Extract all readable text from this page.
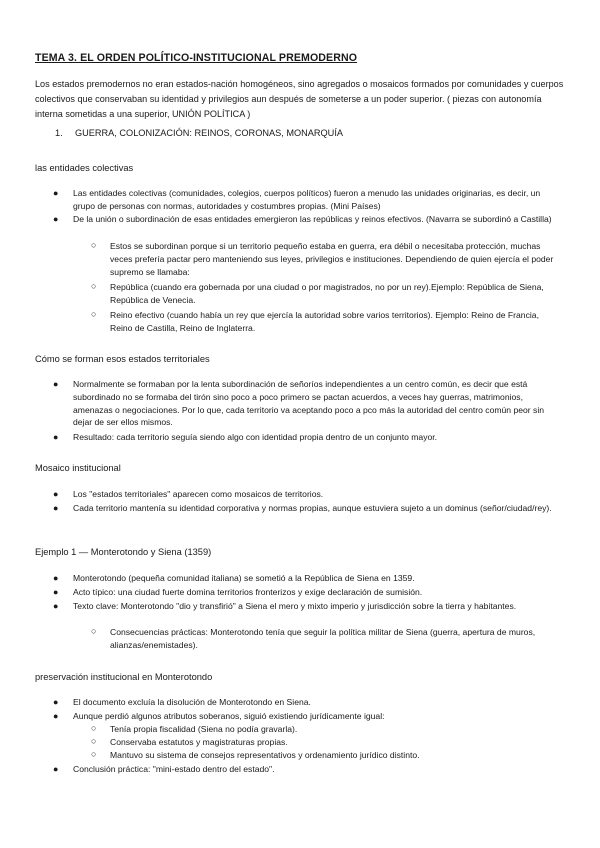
TEMA 3. EL ORDEN POLÍTICO-INSTITUCIONAL PREMODERNO
Los estados premodernos no eran estados-nación homogéneos, sino agregados o mosaicos formados por comunidades y cuerpos colectivos que conservaban su identidad y privilegios aun después de someterse a un poder superior. ( piezas con autonomía interna sometidas a una superior, UNIÓN POLÍTICA )
1. GUERRA, COLONIZACIÓN: REINOS, CORONAS, MONARQUÍA
las entidades colectivas
● Las entidades colectivas (comunidades, colegios, cuerpos políticos) fueron a menudo las unidades originarias, es decir, un grupo de personas con normas, autoridades y costumbres propias. (Mini Países)
● De la unión o subordinación de esas entidades emergieron las repúblicas y reinos efectivos. (Navarra se subordinó a Castilla)
○ Estos se subordinan porque si un territorio pequeño estaba en guerra, era débil o necesitaba protección, muchas veces prefería pactar pero manteniendo sus leyes, privilegios e instituciones. Dependiendo de quien ejercía el poder supremo se llamaba:
○ República (cuando era gobernada por una ciudad o por magistrados, no por un rey).Ejemplo: República de Siena, República de Venecia.
○ Reino efectivo (cuando había un rey que ejercía la autoridad sobre varios territorios). Ejemplo: Reino de Francia, Reino de Castilla, Reino de Inglaterra.
Cómo se forman esos estados territoriales
● Normalmente se formaban por la lenta subordinación de señoríos independientes a un centro común, es decir que está subordinado no se formaba del tirón sino poco a poco primero se pactan acuerdos, a veces hay guerras, matrimonios, amenazas o negociaciones. Por lo que, cada territorio va aceptando poco a pco más la autoridad del centro común peor sin dejar de ser ellos mismos.
● Resultado: cada territorio seguía siendo algo con identidad propia dentro de un conjunto mayor.
Mosaico institucional
● Los "estados territoriales" aparecen como mosaicos de territorios.
● Cada territorio mantenía su identidad corporativa y normas propias, aunque estuviera sujeto a un dominus (señor/ciudad/rey).
Ejemplo 1 — Monterotondo y Siena (1359)
● Monterotondo (pequeña comunidad italiana) se sometió a la República de Siena en 1359.
● Acto típico: una ciudad fuerte domina territorios fronterizos y exige declaración de sumisión.
● Texto clave: Monterotondo "dio y transfirió" a Siena el mero y mixto imperio y jurisdicción sobre la tierra y habitantes.
○ Consecuencias prácticas: Monterotondo tenía que seguir la política militar de Siena (guerra, apertura de muros, alianzas/enemistades).
preservación institucional en Monterotondo
● El documento excluía la disolución de Monterotondo en Siena.
● Aunque perdió algunos atributos soberanos, siguió existiendo jurídicamente igual:
○ Tenía propia fiscalidad (Siena no podía gravarla).
○ Conservaba estatutos y magistraturas propias.
○ Mantuvo su sistema de consejos representativos y ordenamiento jurídico distinto.
● Conclusión práctica: "mini-estado dentro del estado".
